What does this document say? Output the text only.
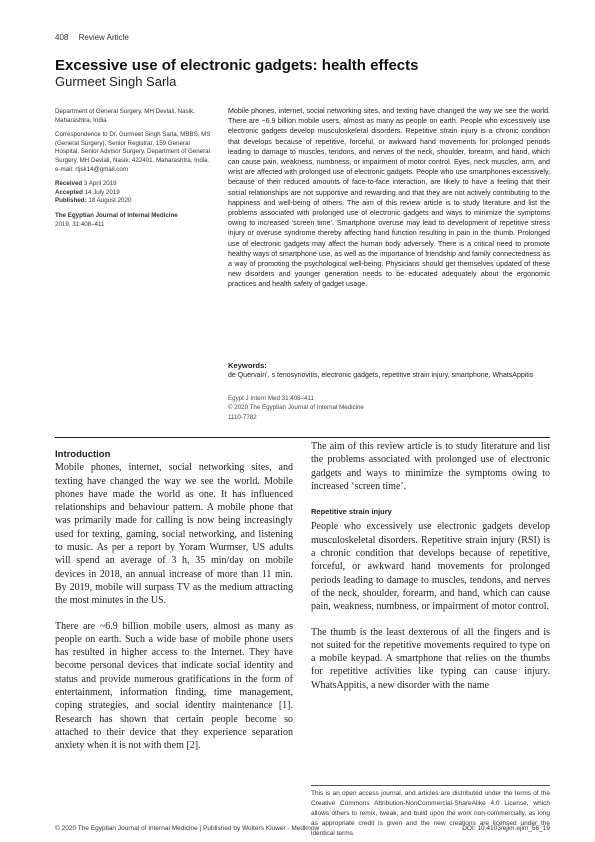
408 Review Article
Excessive use of electronic gadgets: health effects
Gurmeet Singh Sarla

Department of General Surgery, MH Devlali, Nasik, Maharashtra, India

Correspondence to Dr. Gurmeet Singh Sarla, MBBS, MS (General Surgery), Senior Registrar, 159 General Hospital, Senior Advisor Surgery, Department of General Surgery, MH Devlali, Nasik, 422401, Maharashtra, India.
e-mail: rtjsk14@gmail.com

Received 3 April 2019

Accepted 14 July 2019

Published: 18 August 2020

The Egyptian Journal of Internal Medicine
2019, 31:408–411

Mobile phones, internet, social networking sites, and texting have changed the way we see the world. There are ~6.9 billion mobile users, almost as many as people on earth. People who excessively use electronic gadgets develop musculoskeletal disorders. Repetitive strain injury is a chronic condition that develops because of repetitive, forceful, or awkward hand movements for prolonged periods leading to damage to muscles, tendons, and nerves of the neck, shoulder, forearm, and hand, which can cause pain, weakness, numbness, or impairment of motor control. Eyes, neck muscles, arm, and wrist are affected with prolonged use of electronic gadgets. People who use smartphones excessively, because of their reduced amounts of face-to-face interaction, are likely to have a feeling that their social relationships are not supportive and rewarding and that they are not actively contributing to the happiness and well-being of others. The aim of this review article is to study literature and list the problems associated with prolonged use of electronic gadgets and ways to minimize the symptoms owing to increased ‘screen time’. Smartphone overuse may lead to development of repetitive stress injury or overuse syndrome thereby affecting hand function resulting in pain in the thumb. Prolonged use of electronic gadgets may affect the human body adversely. There is a critical need to promote healthy ways of smartphone use, as well as the importance of friendship and family connectedness as a way of promoting the psychological well-being. Physicians should get themselves updated of these new disorders and younger generation needs to be educated adequately about the ergonomic practices and health safety of gadget usage.

Keywords:
de Quervain’, s tenosynovitis, electronic gadgets, repetitive strain injury, smartphone, WhatsAppitis

Egypt J Intern Med 31:408–411

© 2020 The Egyptian Journal of Internal Medicine

1110-7782

Introduction

Mobile phones, internet, social networking sites, and texting have changed the way we see the world. Mobile phones have made the world as one. It has influenced relationships and behaviour pattern. A mobile phone that was primarily made for calling is now being increasingly used for texting, gaming, social networking, and listening to music. As per a report by Yoram Wurmser, US adults will spend an average of 3 h, 35 min/day on mobile devices in 2018, an annual increase of more than 11 min. By 2019, mobile will surpass TV as the medium attracting the most minutes in the US.

There are ~6.9 billion mobile users, almost as many as people on earth. Such a wide base of mobile phone users has resulted in higher access to the Internet. They have become personal devices that indicate social identity and status and provide numerous gratifications in the form of entertainment, information finding, time management, coping strategies, and social identity maintenance [1]. Research has shown that certain people become so attached to their device that they experience separation anxiety when it is not with them [2].

The aim of this review article is to study literature and list the problems associated with prolonged use of electronic gadgets and ways to minimize the symptoms owing to increased ‘screen time’.

Repetitive strain injury

People who excessively use electronic gadgets develop musculoskeletal disorders. Repetitive strain injury (RSI) is a chronic condition that develops because of repetitive, forceful, or awkward hand movements for prolonged periods leading to damage to muscles, tendons, and nerves of the neck, shoulder, forearm, and hand, which can cause pain, weakness, numbness, or impairment of motor control.

The thumb is the least dexterous of all the fingers and is not suited for the repetitive movements required to type on a mobile keypad. A smartphone that relies on the thumbs for repetitive activities like typing can cause injury. WhatsAppitis, a new disorder with the name

This is an open access journal, and articles are distributed under the terms of the Creative Commons Attribution-NonCommercial-ShareAlike 4.0 License, which allows others to remix, tweak, and build upon the work non-commercially, as long as appropriate credit is given and the new creations are licensed under the identical terms.
© 2020 The Egyptian Journal of Internal Medicine | Published by Wolters Kluwer - Medknow	DOI: 10.4103/ejim.ejim_56_19
